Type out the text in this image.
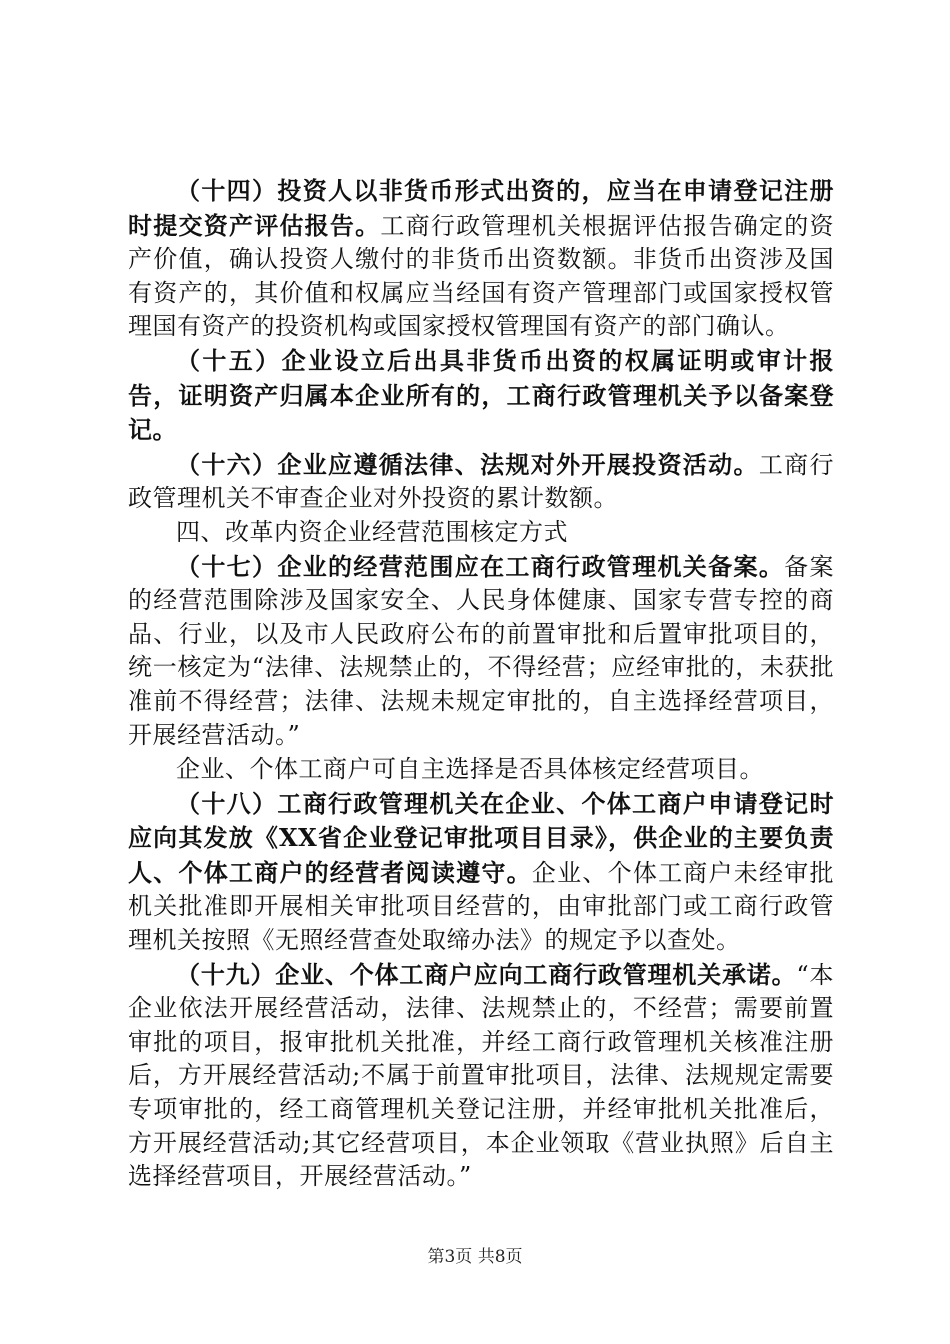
（十四）投资人以非货币形式出资的，应当在申请登记注册时提交资产评估报告。工商行政管理机关根据评估报告确定的资产价值，确认投资人缴付的非货币出资数额。非货币出资涉及国有资产的，其价值和权属应当经国有资产管理部门或国家授权管理国有资产的投资机构或国家授权管理国有资产的部门确认。

（十五）企业设立后出具非货币出资的权属证明或审计报告，证明资产归属本企业所有的，工商行政管理机关予以备案登记。

（十六）企业应遵循法律、法规对外开展投资活动。工商行政管理机关不审查企业对外投资的累计数额。

四、改革内资企业经营范围核定方式

（十七）企业的经营范围应在工商行政管理机关备案。备案的经营范围除涉及国家安全、人民身体健康、国家专营专控的商品、行业，以及市人民政府公布的前置审批和后置审批项目的，统一核定为“法律、法规禁止的，不得经营；应经审批的，未获批准前不得经营；法律、法规未规定审批的，自主选择经营项目，开展经营活动。”

企业、个体工商户可自主选择是否具体核定经营项目。

（十八）工商行政管理机关在企业、个体工商户申请登记时应向其发放《XX省企业登记审批项目目录》，供企业的主要负责人、个体工商户的经营者阅读遵守。企业、个体工商户未经审批机关批准即开展相关审批项目经营的，由审批部门或工商行政管理机关按照《无照经营查处取缔办法》的规定予以查处。

（十九）企业、个体工商户应向工商行政管理机关承诺。“本企业依法开展经营活动，法律、法规禁止的，不经营；需要前置审批的项目，报审批机关批准，并经工商行政管理机关核准注册后，方开展经营活动;不属于前置审批项目，法律、法规规定需要专项审批的，经工商管理机关登记注册，并经审批机关批准后，方开展经营活动;其它经营项目，本企业领取《营业执照》后自主选择经营项目，开展经营活动。”

第3页 共8页
